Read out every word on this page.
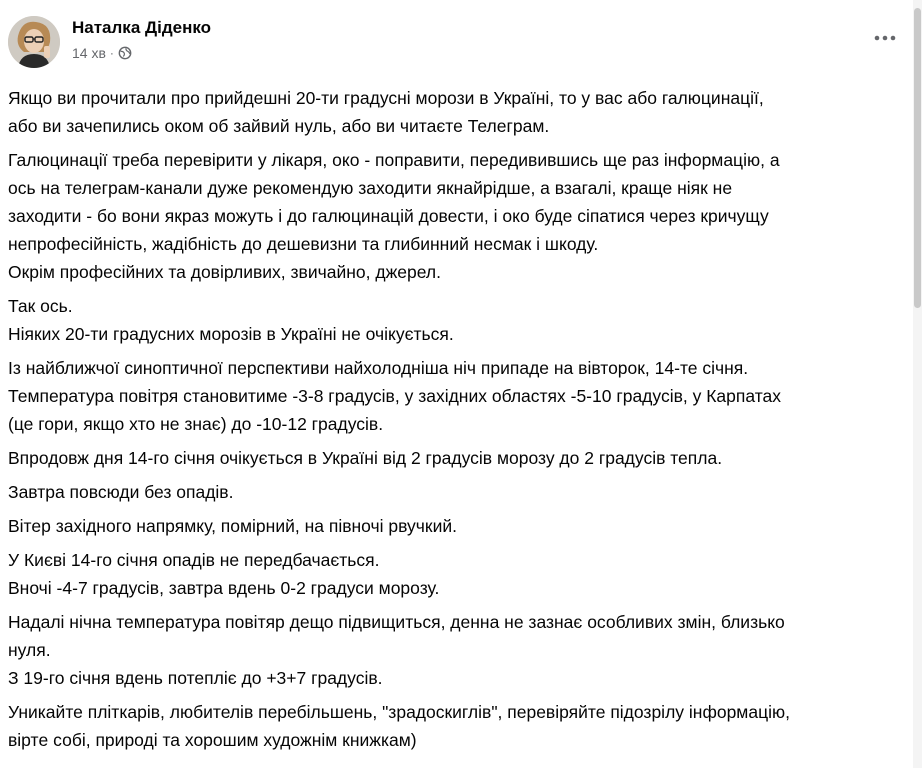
Наталка Діденко
14 хв ·

Якщо ви прочитали про прийдешні 20-ти градусні морози в Україні, то у вас або галюцинації,
або ви зачепились оком об зайвий нуль, або ви читаєте Телеграм.

Галюцинації треба перевірити у лікаря, око - поправити, передивившись ще раз інформацію, а
ось на телеграм-канали дуже рекомендую заходити якнайрідше, а взагалі, краще ніяк не
заходити - бо вони якраз можуть і до галюцинацій довести, і око буде сіпатися через кричущу
непрофесійність, жадібність до дешевизни та глибинний несмак і шкоду.
Окрім професійних та довірливих, звичайно, джерел.

Так ось.
Ніяких 20-ти градусних морозів в Україні не очікується.

Із найближчої синоптичної перспективи найхолодніша ніч припаде на вівторок, 14-те січня.
Температура повітря становитиме -3-8 градусів, у західних областях -5-10 градусів, у Карпатах
(це гори, якщо хто не знає) до -10-12 градусів.

Впродовж дня 14-го січня очікується в Україні від 2 градусів морозу до 2 градусів тепла.

Завтра повсюди без опадів.

Вітер західного напрямку, помірний, на півночі рвучкий.

У Києві 14-го січня опадів не передбачається.
Вночі -4-7 градусів, завтра вдень 0-2 градуси морозу.

Надалі нічна температура повітяр дещо підвищиться, денна не зазнає особливих змін, близько
нуля.
З 19-го січня вдень потепліє до +3+7 градусів.

Уникайте пліткарів, любителів перебільшень, "зрадоскиглів", перевіряйте підозрілу інформацію,
віртe собі, природі та хорошим художнім книжкам)
